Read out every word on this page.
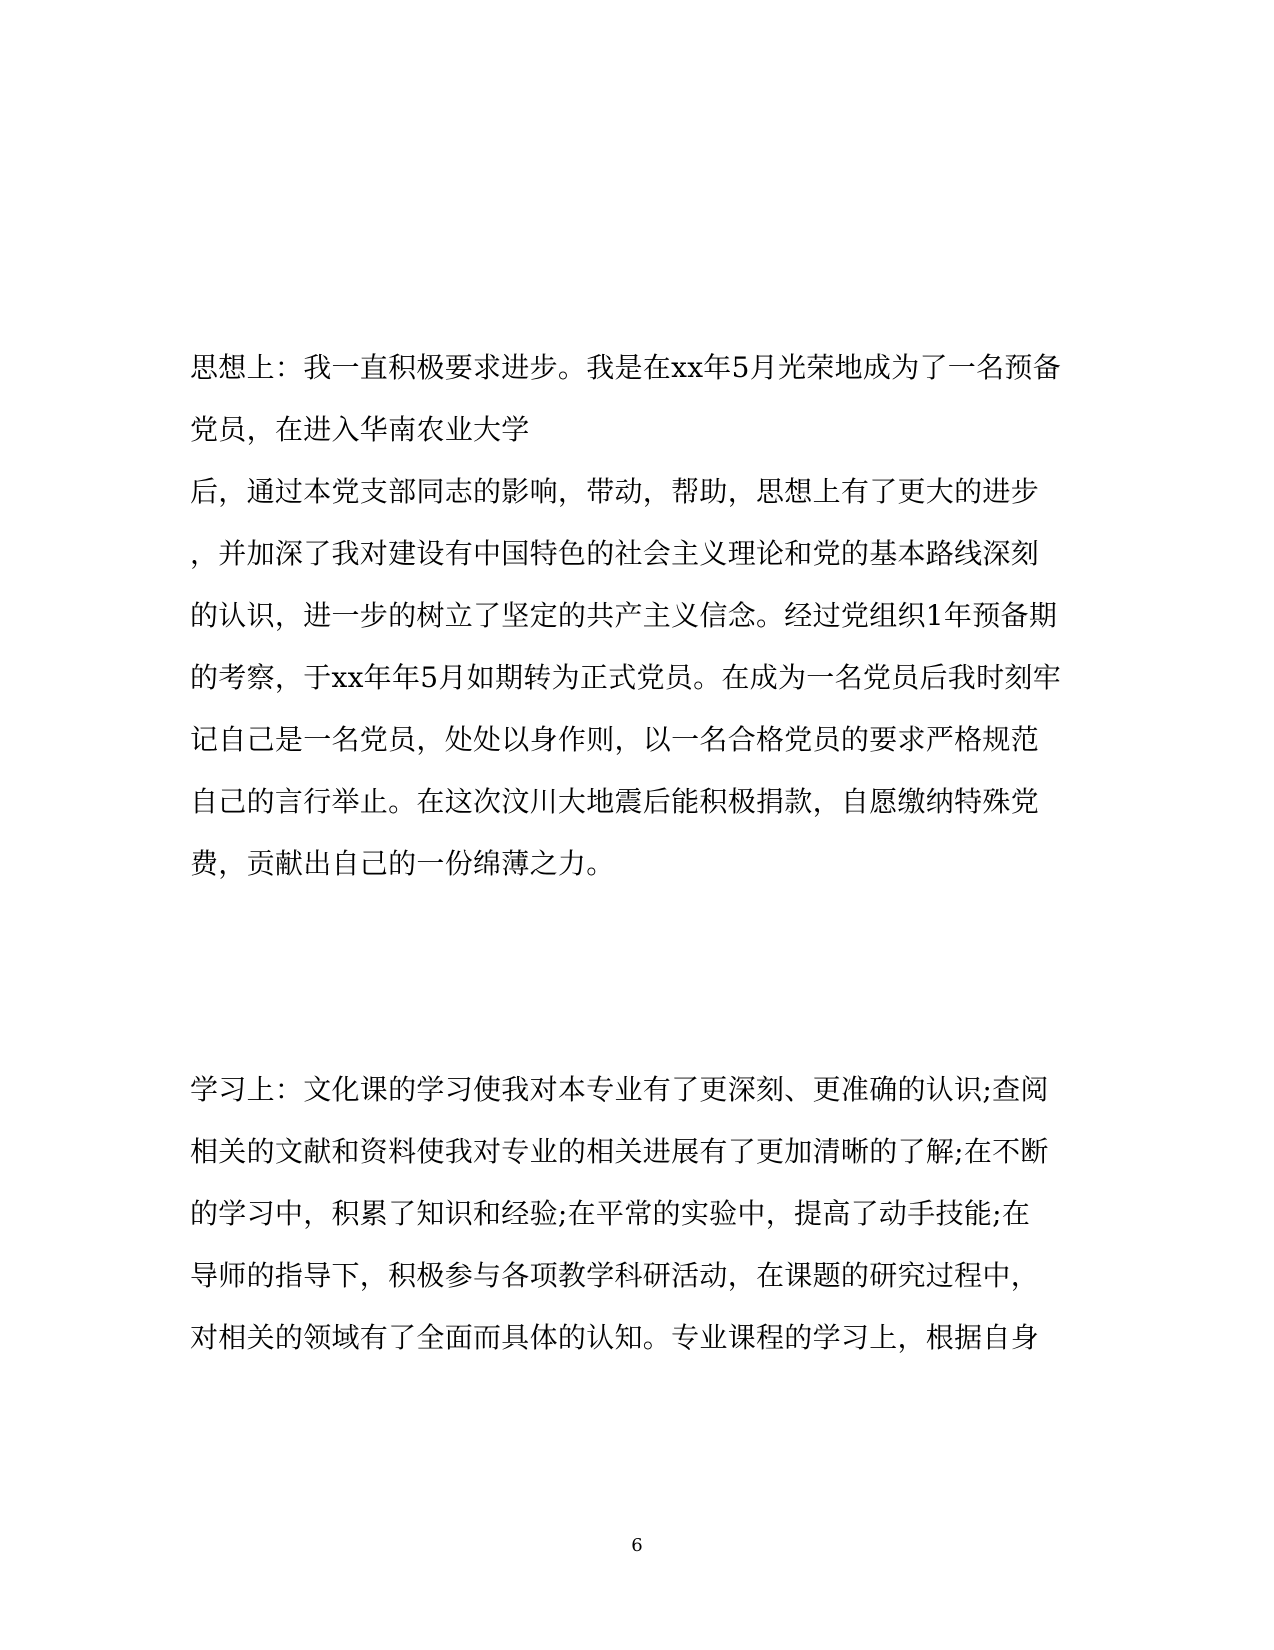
思想上：我一直积极要求进步。我是在xx年5月光荣地成为了一名预备
党员，在进入华南农业大学
后，通过本党支部同志的影响，带动，帮助，思想上有了更大的进步
，并加深了我对建设有中国特色的社会主义理论和党的基本路线深刻
的认识，进一步的树立了坚定的共产主义信念。经过党组织1年预备期
的考察，于xx年年5月如期转为正式党员。在成为一名党员后我时刻牢
记自己是一名党员，处处以身作则，以一名合格党员的要求严格规范
自己的言行举止。在这次汶川大地震后能积极捐款，自愿缴纳特殊党
费，贡献出自己的一份绵薄之力。
学习上：文化课的学习使我对本专业有了更深刻、更准确的认识;查阅
相关的文献和资料使我对专业的相关进展有了更加清晰的了解;在不断
的学习中，积累了知识和经验;在平常的实验中，提高了动手技能;在
导师的指导下，积极参与各项教学科研活动，在课题的研究过程中，
对相关的领域有了全面而具体的认知。专业课程的学习上，根据自身
6
